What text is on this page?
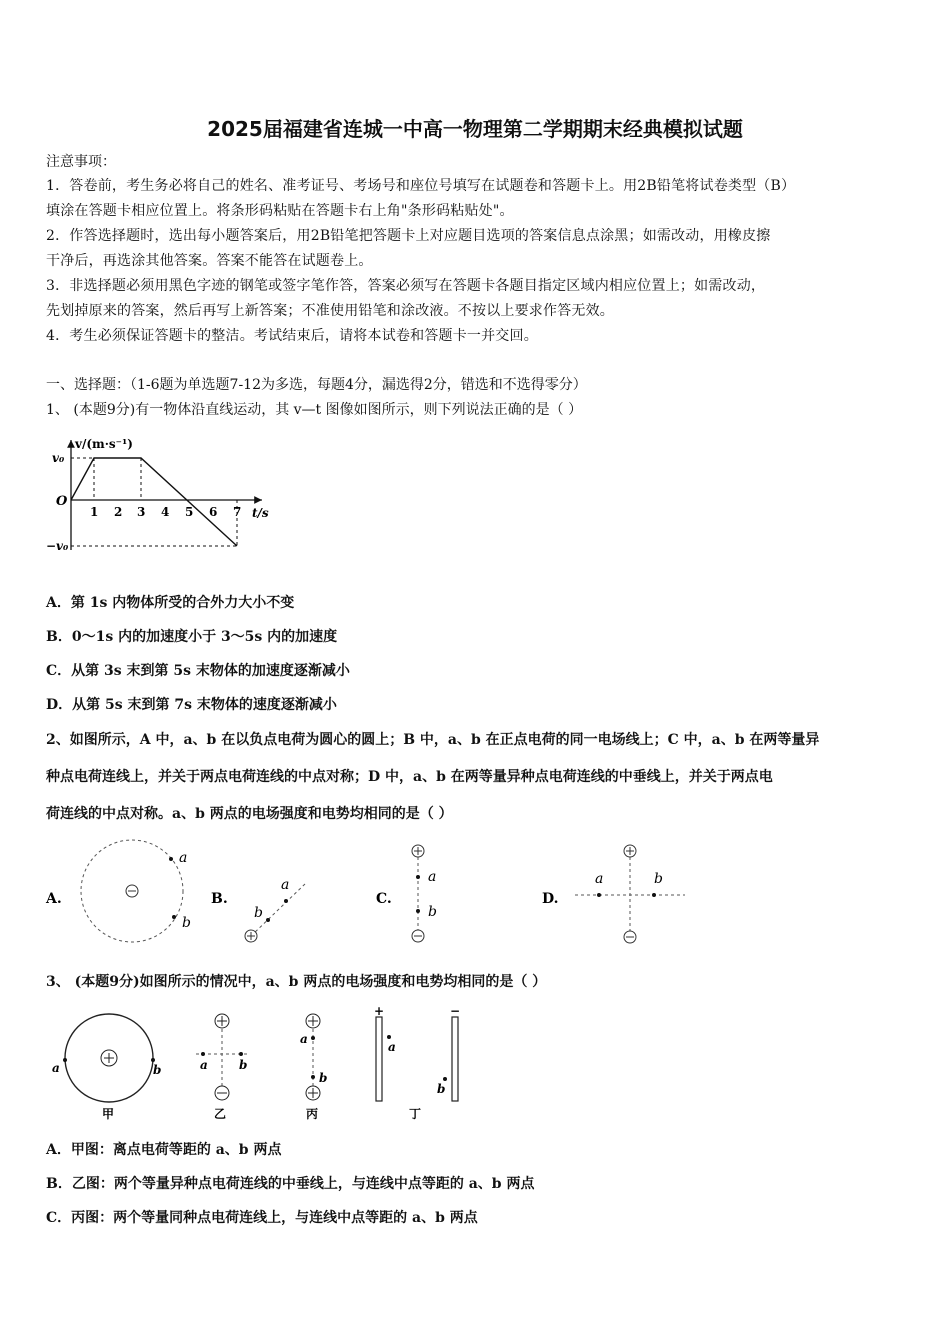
2025届福建省连城一中高一物理第二学期期末经典模拟试题
注意事项：
1．答卷前，考生务必将自己的姓名、准考证号、考场号和座位号填写在试题卷和答题卡上。用2B铅笔将试卷类型（B）
填涂在答题卡相应位置上。将条形码粘贴在答题卡右上角"条形码粘贴处"。
2．作答选择题时，选出每小题答案后，用2B铅笔把答题卡上对应题目选项的答案信息点涂黑；如需改动，用橡皮擦
干净后，再选涂其他答案。答案不能答在试题卷上。
3．非选择题必须用黑色字迹的钢笔或签字笔作答，答案必须写在答题卡各题目指定区域内相应位置上；如需改动，
先划掉原来的答案，然后再写上新答案；不准使用铅笔和涂改液。不按以上要求作答无效。
4．考生必须保证答题卡的整洁。考试结束后，请将本试卷和答题卡一并交回。
一、选择题：（1-6题为单选题7-12为多选，每题4分，漏选得2分，错选和不选得零分）
1、 (本题9分)有一物体沿直线运动，其 v—t 图像如图所示，则下列说法正确的是（ ）
v/(m·s⁻¹)
t/s
v₀
−v₀
O
1 2 3 4 5 6 7
A．第 1s 内物体所受的合外力大小不变
B．0～1s 内的加速度小于 3～5s 内的加速度
C．从第 3s 末到第 5s 末物体的加速度逐渐减小
D．从第 5s 末到第 7s 末物体的速度逐渐减小
2、如图所示，A 中，a、b 在以负点电荷为圆心的圆上；B 中，a、b 在正点电荷的同一电场线上；C 中，a、b 在两等量异
种点电荷连线上，并关于两点电荷连线的中点对称；D 中，a、b 在两等量异种点电荷连线的中垂线上，并关于两点电
荷连线的中点对称。a、b 两点的电场强度和电势均相同的是（ ）
A.
a
b
B.
a
b
C.
a
b
D.
a	b
3、 (本题9分)如图所示的情况中，a、b 两点的电场强度和电势均相同的是（ ）
a	b
甲
a	b
乙
a
b
丙
+	−
a
b
丁
A．甲图：离点电荷等距的 a、b 两点
B．乙图：两个等量异种点电荷连线的中垂线上，与连线中点等距的 a、b 两点
C．丙图：两个等量同种点电荷连线上，与连线中点等距的 a、b 两点
